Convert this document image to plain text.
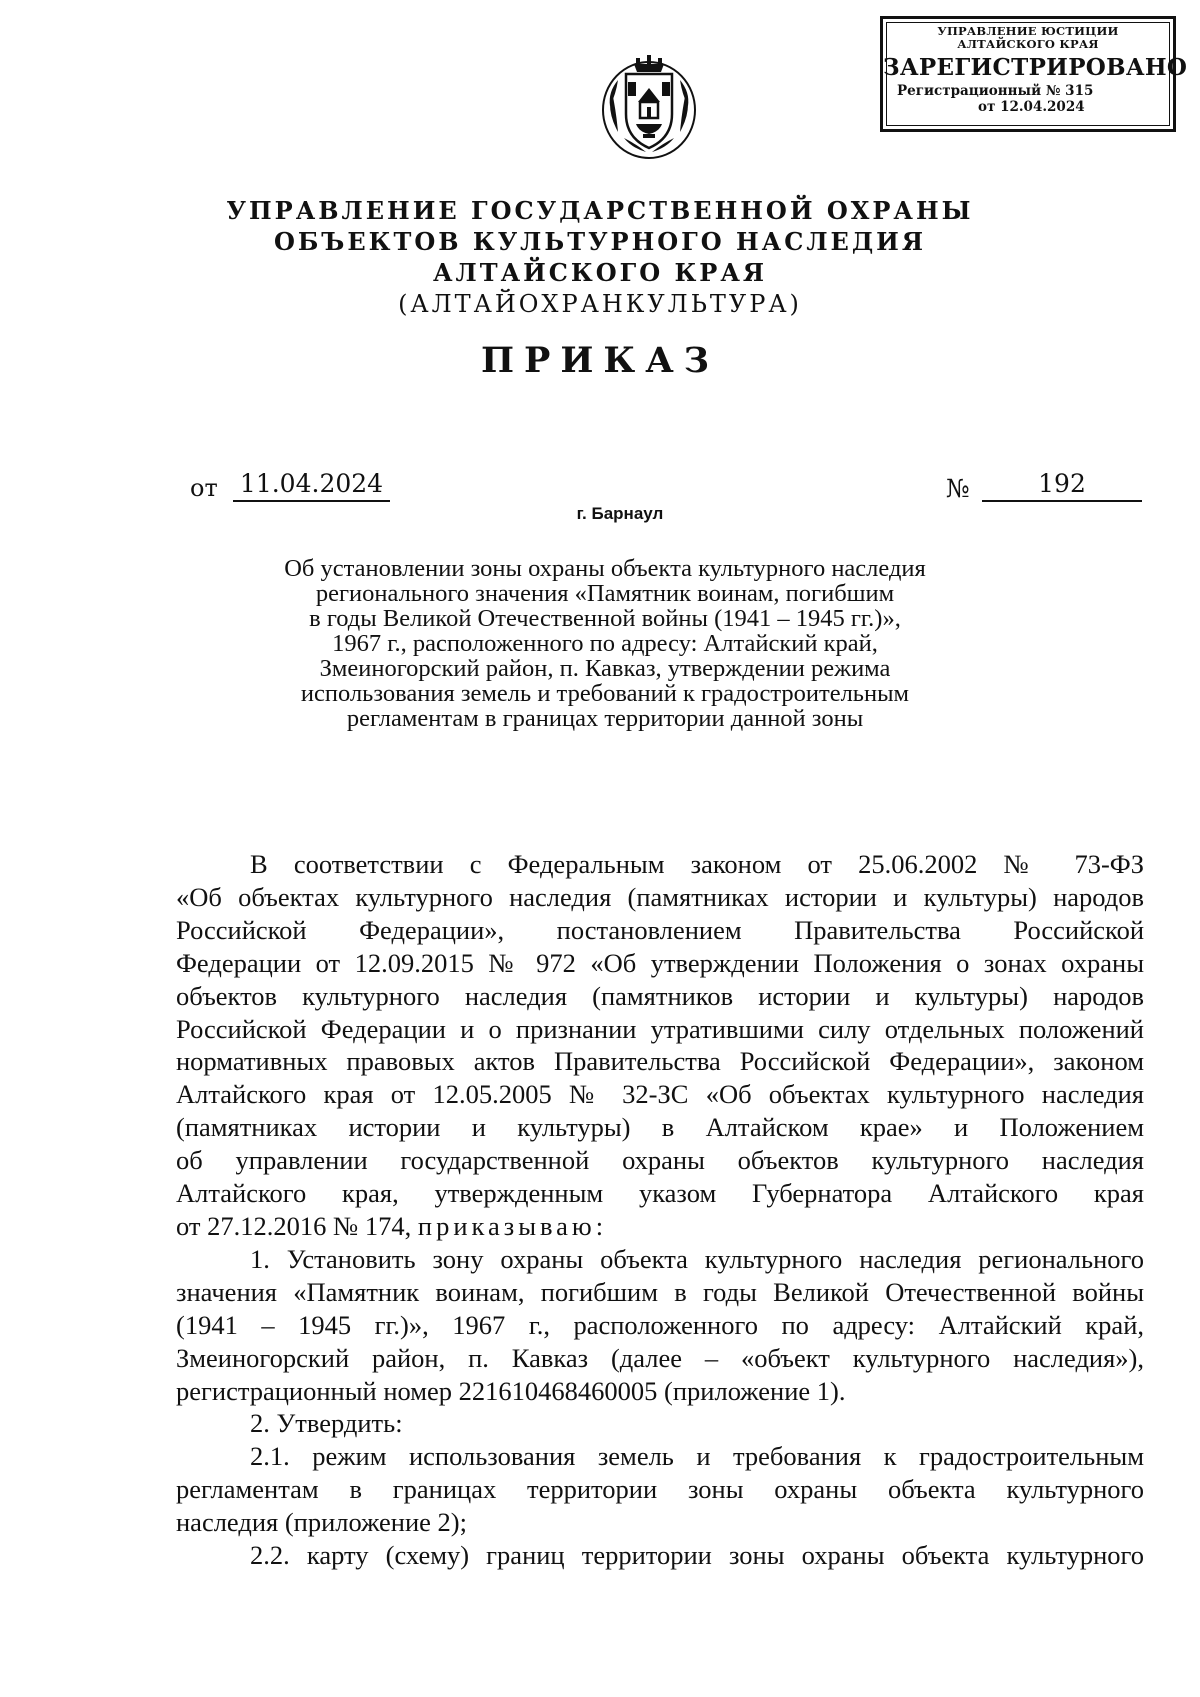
УПРАВЛЕНИЕ ЮСТИЦИИ
АЛТАЙСКОГО КРАЯ
ЗАРЕГИСТРИРОВАНО
Регистрационный № 315
от 12.04.2024
УПРАВЛЕНИЕ ГОСУДАРСТВЕННОЙ ОХРАНЫ
ОБЪЕКТОВ КУЛЬТУРНОГО НАСЛЕДИЯ
АЛТАЙСКОГО КРАЯ
(АЛТАЙОХРАНКУЛЬТУРА)
ПРИКАЗ
от 11.04.2024	№	192
г. Барнаул
Об установлении зоны охраны объекта культурного наследия
регионального значения «Памятник воинам, погибшим
в годы Великой Отечественной войны (1941 – 1945 гг.)»,
1967 г., расположенного по адресу: Алтайский край,
Змеиногорский район, п. Кавказ, утверждении режима
использования земель и требований к градостроительным
регламентам в границах территории данной зоны
В соответствии с Федеральным законом от 25.06.2002 № 73-ФЗ
«Об объектах культурного наследия (памятниках истории и культуры) народов
Российской Федерации», постановлением Правительства Российской
Федерации от 12.09.2015 № 972 «Об утверждении Положения о зонах охраны
объектов культурного наследия (памятников истории и культуры) народов
Российской Федерации и о признании утратившими силу отдельных положений
нормативных правовых актов Правительства Российской Федерации», законом
Алтайского края от 12.05.2005 № 32-ЗС «Об объектах культурного наследия
(памятниках истории и культуры) в Алтайском крае» и Положением
об управлении государственной охраны объектов культурного наследия
Алтайского края, утвержденным указом Губернатора Алтайского края
от 27.12.2016 № 174, приказываю:
1. Установить зону охраны объекта культурного наследия регионального
значения «Памятник воинам, погибшим в годы Великой Отечественной войны
(1941 – 1945 гг.)», 1967 г., расположенного по адресу: Алтайский край,
Змеиногорский район, п. Кавказ (далее – «объект культурного наследия»),
регистрационный номер 221610468460005 (приложение 1).
2. Утвердить:
2.1. режим использования земель и требования к градостроительным
регламентам в границах территории зоны охраны объекта культурного
наследия (приложение 2);
2.2. карту (схему) границ территории зоны охраны объекта культурного
